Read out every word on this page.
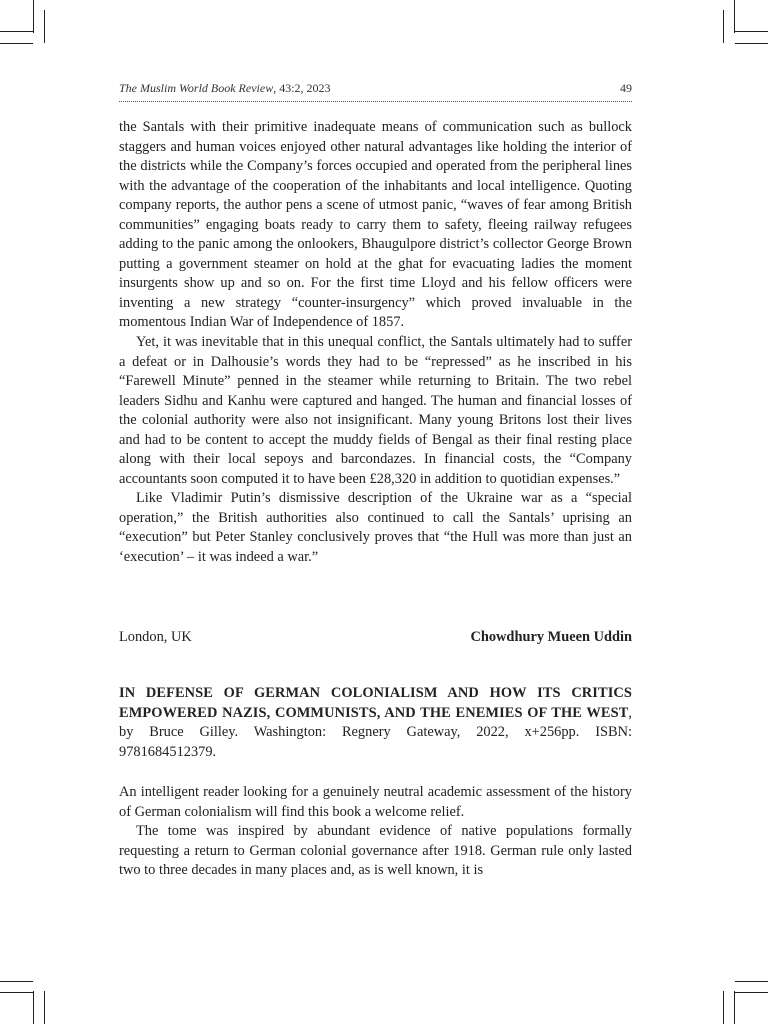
The Muslim World Book Review, 43:2, 2023	49

the Santals with their primitive inadequate means of communication such as bullock staggers and human voices enjoyed other natural advantages like holding the interior of the districts while the Company’s forces occupied and operated from the peripheral lines with the advantage of the cooperation of the inhabitants and local intelligence. Quoting company reports, the author pens a scene of utmost panic, “waves of fear among British communities” engaging boats ready to carry them to safety, fleeing railway refugees adding to the panic among the onlookers, Bhaugulpore district’s collector George Brown putting a government steamer on hold at the ghat for evacuating ladies the moment insurgents show up and so on. For the first time Lloyd and his fellow officers were inventing a new strategy “counter-insurgency” which proved invaluable in the momentous Indian War of Independence of 1857.

Yet, it was inevitable that in this unequal conflict, the Santals ultimately had to suffer a defeat or in Dalhousie’s words they had to be “repressed” as he inscribed in his “Farewell Minute” penned in the steamer while returning to Britain. The two rebel leaders Sidhu and Kanhu were captured and hanged. The human and financial losses of the colonial authority were also not insignificant. Many young Britons lost their lives and had to be content to accept the muddy fields of Bengal as their final resting place along with their local sepoys and barcondazes. In financial costs, the “Company accountants soon computed it to have been £28,320 in addition to quotidian expenses.”

Like Vladimir Putin’s dismissive description of the Ukraine war as a “special operation,” the British authorities also continued to call the Santals’ uprising an “execution” but Peter Stanley conclusively proves that “the Hull was more than just an ‘execution’ – it was indeed a war.”

London, UK	Chowdhury Mueen Uddin
IN DEFENSE OF GERMAN COLONIALISM AND HOW ITS CRITICS EMPOWERED NAZIS, COMMUNISTS, AND THE ENEMIES OF THE WEST, by Bruce Gilley. Washington: Regnery Gateway, 2022, x+256pp. ISBN: 9781684512379.

An intelligent reader looking for a genuinely neutral academic assessment of the history of German colonialism will find this book a welcome relief.

The tome was inspired by abundant evidence of native populations formally requesting a return to German colonial governance after 1918. German rule only lasted two to three decades in many places and, as is well known, it is
